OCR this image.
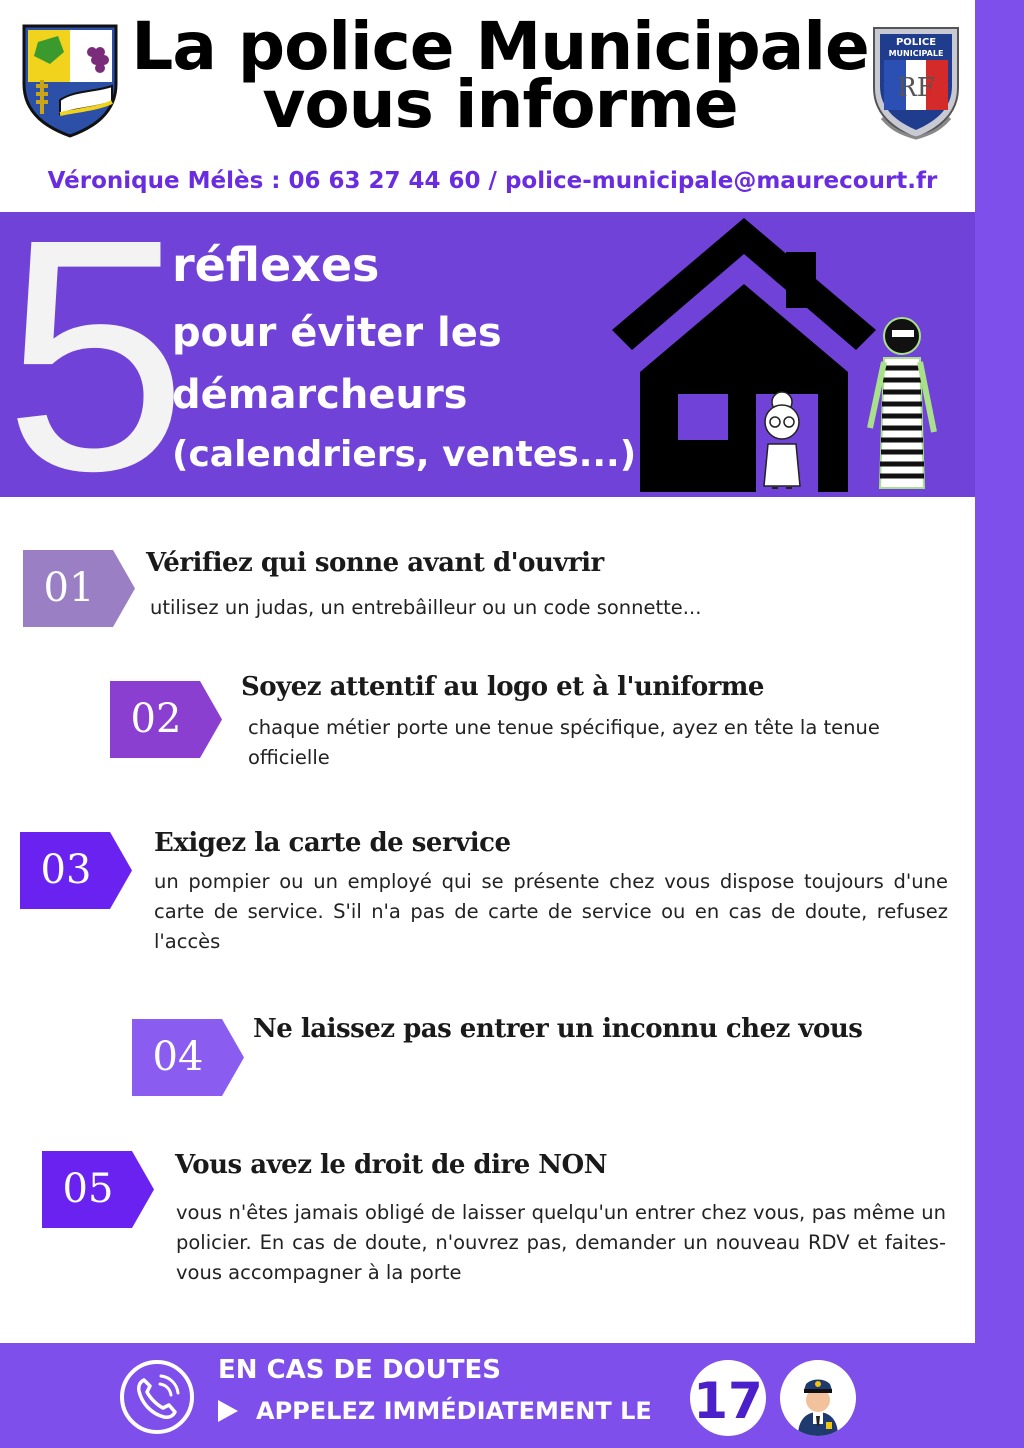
La police Municipale
vous informe
POLICE
MUNICIPALE
RF
Véronique Mélès : 06 63 27 44 60 / police-municipale@maurecourt.fr
5
réflexes
pour éviter les
démarcheurs
(calendriers, ventes...)
01
Vérifiez qui sonne avant d'ouvrir
utilisez un judas, un entrebâilleur ou un code sonnette...
02
Soyez attentif au logo et à l'uniforme
chaque métier porte une tenue spécifique, ayez en tête la tenue officielle
03
Exigez la carte de service
un pompier ou un employé qui se présente chez vous dispose toujours d'une carte de service. S'il n'a pas de carte de service ou en cas de doute, refusez l'accès
04
Ne laissez pas entrer un inconnu chez vous
05
Vous avez le droit de dire NON
vous n'êtes jamais obligé de laisser quelqu'un entrer chez vous, pas même un policier. En cas de doute, n'ouvrez pas, demander un nouveau RDV et faites-vous accompagner à la porte
EN CAS DE DOUTES
APPELEZ IMMÉDIATEMENT LE 17
